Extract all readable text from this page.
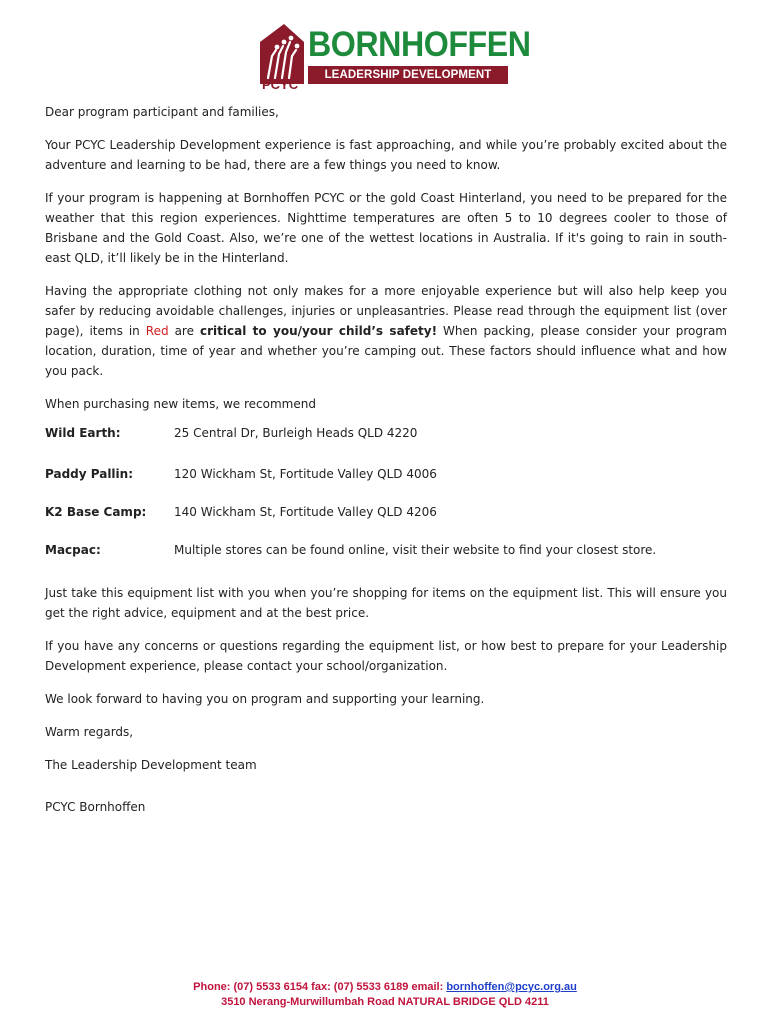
BORNHOFFEN
LEADERSHIP DEVELOPMENT CENTRE
PCYC

Dear program participant and families,

Your PCYC Leadership Development experience is fast approaching, and while you’re probably excited about the adventure and learning to be had, there are a few things you need to know.

If your program is happening at Bornhoffen PCYC or the gold Coast Hinterland, you need to be prepared for the weather that this region experiences. Nighttime temperatures are often 5 to 10 degrees cooler to those of Brisbane and the Gold Coast. Also, we’re one of the wettest locations in Australia. If it's going to rain in south-east QLD, it’ll likely be in the Hinterland.

Having the appropriate clothing not only makes for a more enjoyable experience but will also help keep you safer by reducing avoidable challenges, injuries or unpleasantries. Please read through the equipment list (over page), items in Red are critical to you/your child’s safety! When packing, please consider your program location, duration, time of year and whether you’re camping out. These factors should influence what and how you pack.

When purchasing new items, we recommend

Wild Earth:	25 Central Dr, Burleigh Heads QLD 4220
Paddy Pallin:	120 Wickham St, Fortitude Valley QLD 4006
K2 Base Camp: 140 Wickham St, Fortitude Valley QLD 4206
Macpac:	Multiple stores can be found online, visit their website to find your closest store.

Just take this equipment list with you when you’re shopping for items on the equipment list. This will ensure you get the right advice, equipment and at the best price.

If you have any concerns or questions regarding the equipment list, or how best to prepare for your Leadership Development experience, please contact your school/organization.

We look forward to having you on program and supporting your learning.

Warm regards,

The Leadership Development team

PCYC Bornhoffen

Phone: (07) 5533 6154 fax: (07) 5533 6189 email: bornhoffen@pcyc.org.au
3510 Nerang-Murwillumbah Road NATURAL BRIDGE QLD 4211
